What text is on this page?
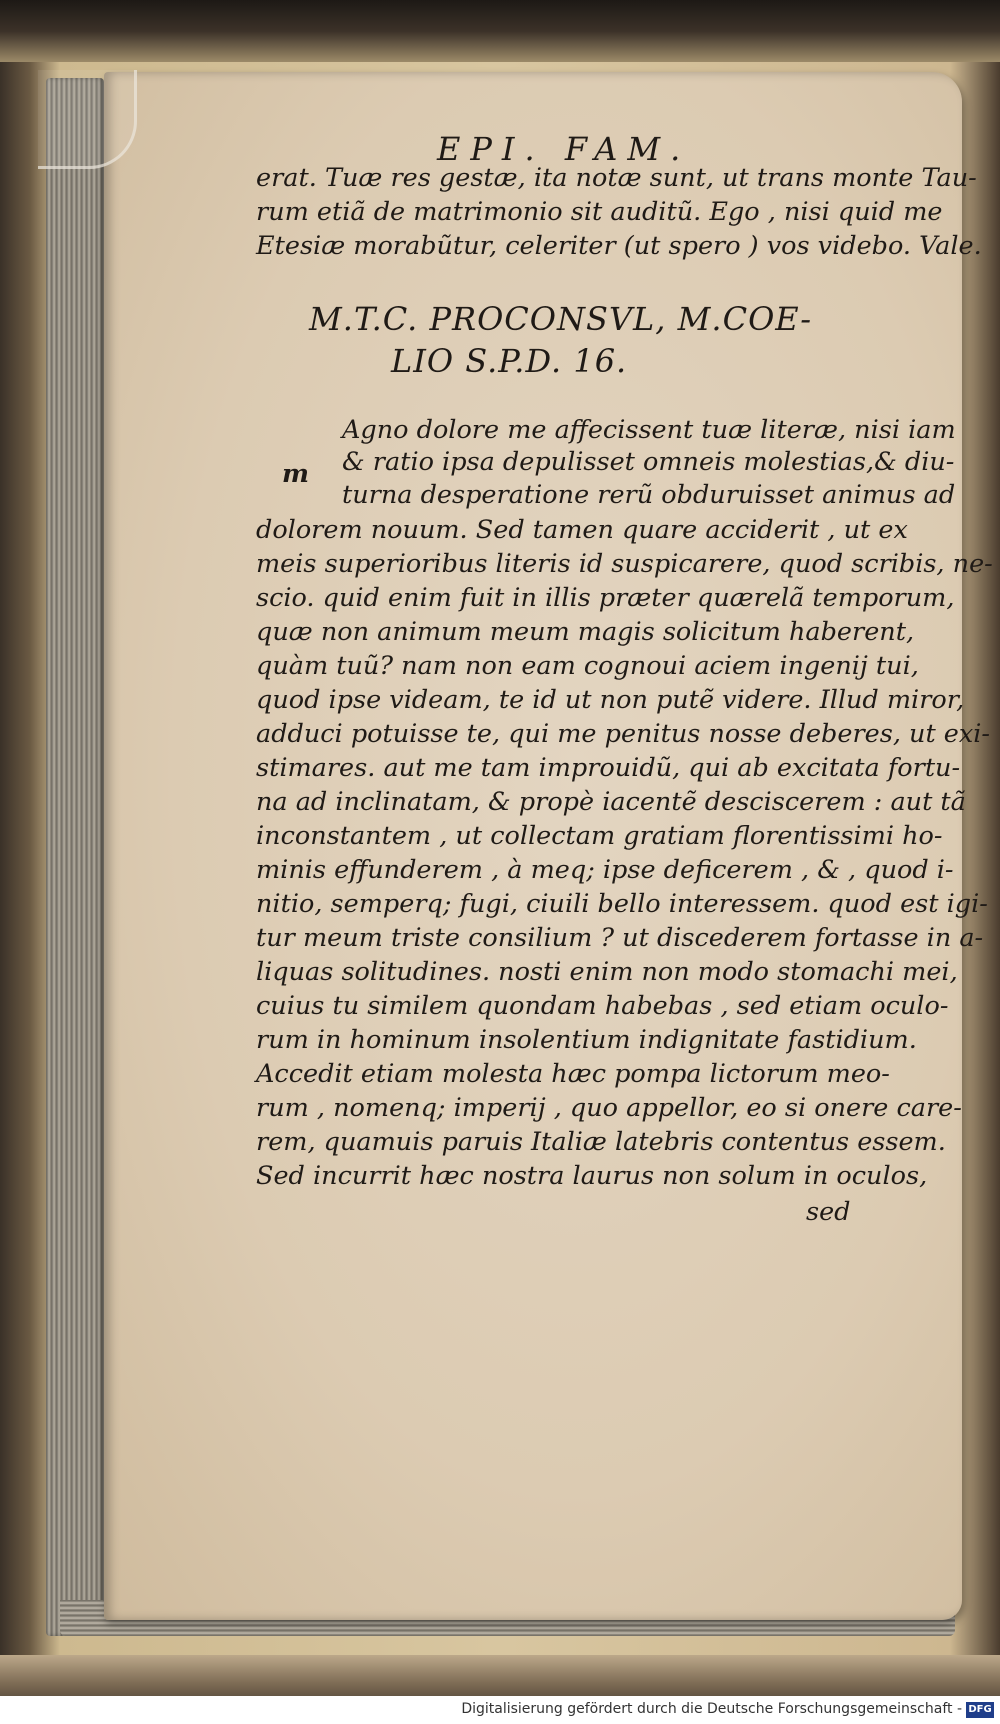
EPI. FAM.
erat. Tuæ res gestæ, ita notæ sunt, ut trans monte Tau-
rum etiã de matrimonio sit auditũ. Ego , nisi quid me
Etesiæ morabũtur, celeriter (ut spero ) vos videbo. Vale.
M.T.C. PROCONSVL, M.COE-
LIO S.P.D. 16.
m
Agno dolore me affecissent tuæ literæ, nisi iam
& ratio ipsa depulisset omneis molestias,& diu-
turna desperatione rerũ obduruisset animus ad
dolorem nouum. Sed tamen quare acciderit , ut ex
meis superioribus literis id suspicarere, quod scribis, ne-
scio. quid enim fuit in illis præter quærelã temporum,
quæ non animum meum magis solicitum haberent,
quàm tuũ? nam non eam cognoui aciem ingenij tui,
quod ipse videam, te id ut non putẽ videre. Illud miror,
adduci potuisse te, qui me penitus nosse deberes, ut exi-
stimares. aut me tam improuidũ, qui ab excitata fortu-
na ad inclinatam, & propè iacentẽ desciscerem : aut tã
inconstantem , ut collectam gratiam florentissimi ho-
minis effunderem , à meq; ipse deficerem , & , quod i-
nitio, semperq; fugi, ciuili bello interessem. quod est igi-
tur meum triste consilium ? ut discederem fortasse in a-
liquas solitudines. nosti enim non modo stomachi mei,
cuius tu similem quondam habebas , sed etiam oculo-
rum in hominum insolentium indignitate fastidium.
Accedit etiam molesta hæc pompa lictorum meo-
rum , nomenq; imperij , quo appellor, eo si onere care-
rem, quamuis paruis Italiæ latebris contentus essem.
Sed incurrit hæc nostra laurus non solum in oculos,
sed
Digitalisierung gefördert durch die Deutsche Forschungsgemeinschaft - DFG
